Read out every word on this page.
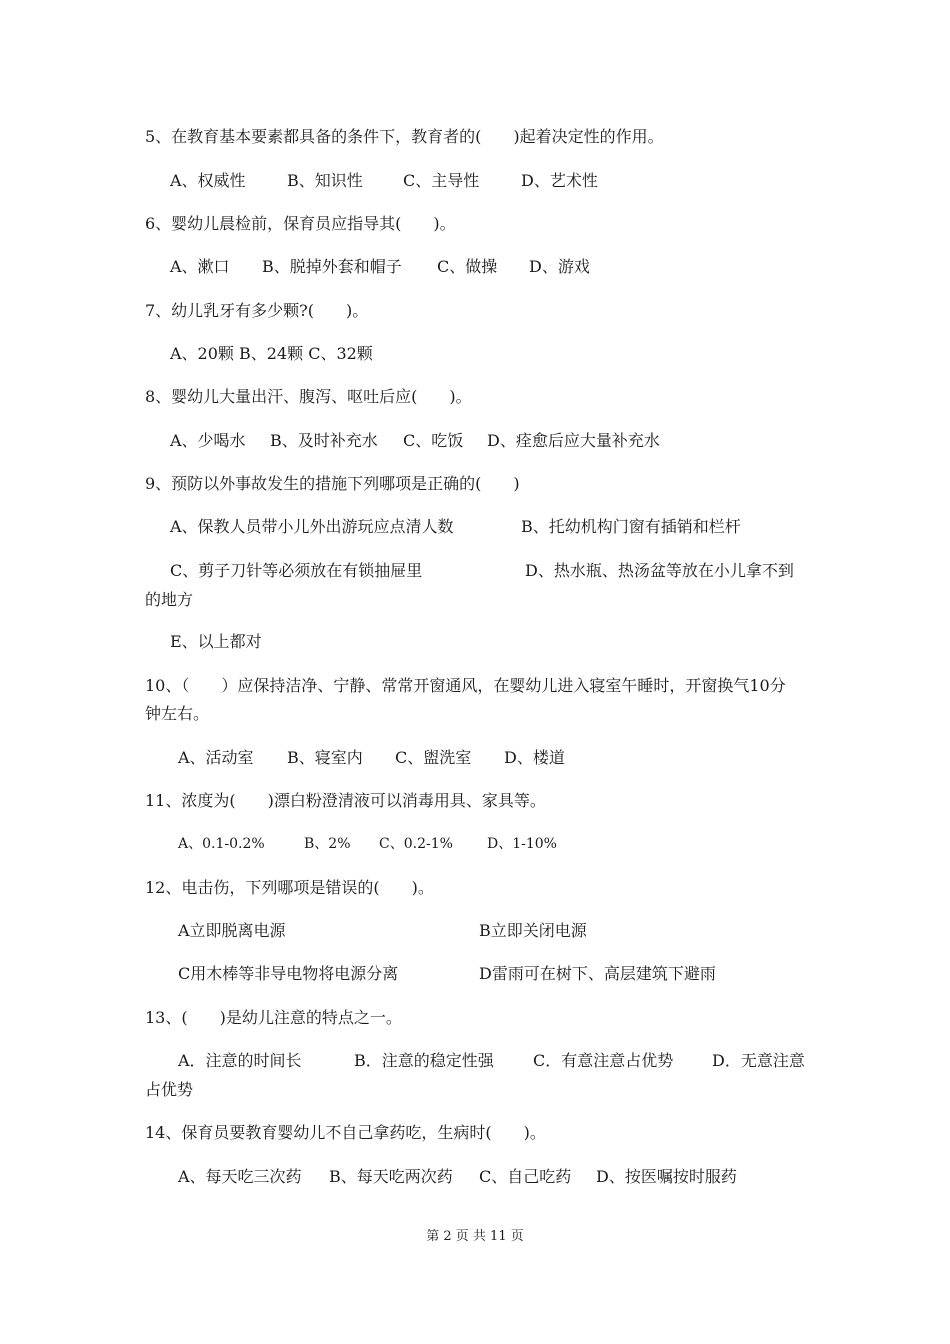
5、在教育基本要素都具备的条件下，教育者的(　　)起着决定性的作用。
A、权威性	B、知识性	C、主导性	D、艺术性
6、婴幼儿晨检前，保育员应指导其(　　)。
A、漱口 B、脱掉外套和帽子 C、做操 D、游戏
7、幼儿乳牙有多少颗?(　　)。
A、20颗 B、24颗 C、32颗
8、婴幼儿大量出汗、腹泻、呕吐后应(　　)。
A、少喝水 B、及时补充水 C、吃饭 D、痊愈后应大量补充水
9、预防以外事故发生的措施下列哪项是正确的(　　)
A、保教人员带小儿外出游玩应点清人数	B、托幼机构门窗有插销和栏杆
C、剪子刀针等必须放在有锁抽屉里	D、热水瓶、热汤盆等放在小儿拿不到
的地方
E、以上都对
10、（　　）应保持洁净、宁静、常常开窗通风，在婴幼儿进入寝室午睡时，开窗换气10分
钟左右。
A、活动室 B、寝室内 C、盥洗室 D、楼道
11、浓度为(　　)漂白粉澄清液可以消毒用具、家具等。
A、0.1-0.2%	B、2% C、0.2-1% D、1-10%
12、电击伤，下列哪项是错误的(　　)。
A立即脱离电源	B立即关闭电源
C用木棒等非导电物将电源分离	D雷雨可在树下、高层建筑下避雨
13、(　　)是幼儿注意的特点之一。
A．注意的时间长	B．注意的稳定性强 C．有意注意占优势 D．无意注意
占优势
14、保育员要教育婴幼儿不自己拿药吃，生病时(　　)。
A、每天吃三次药 B、每天吃两次药 C、自己吃药 D、按医嘱按时服药
第 2 页 共 11 页
